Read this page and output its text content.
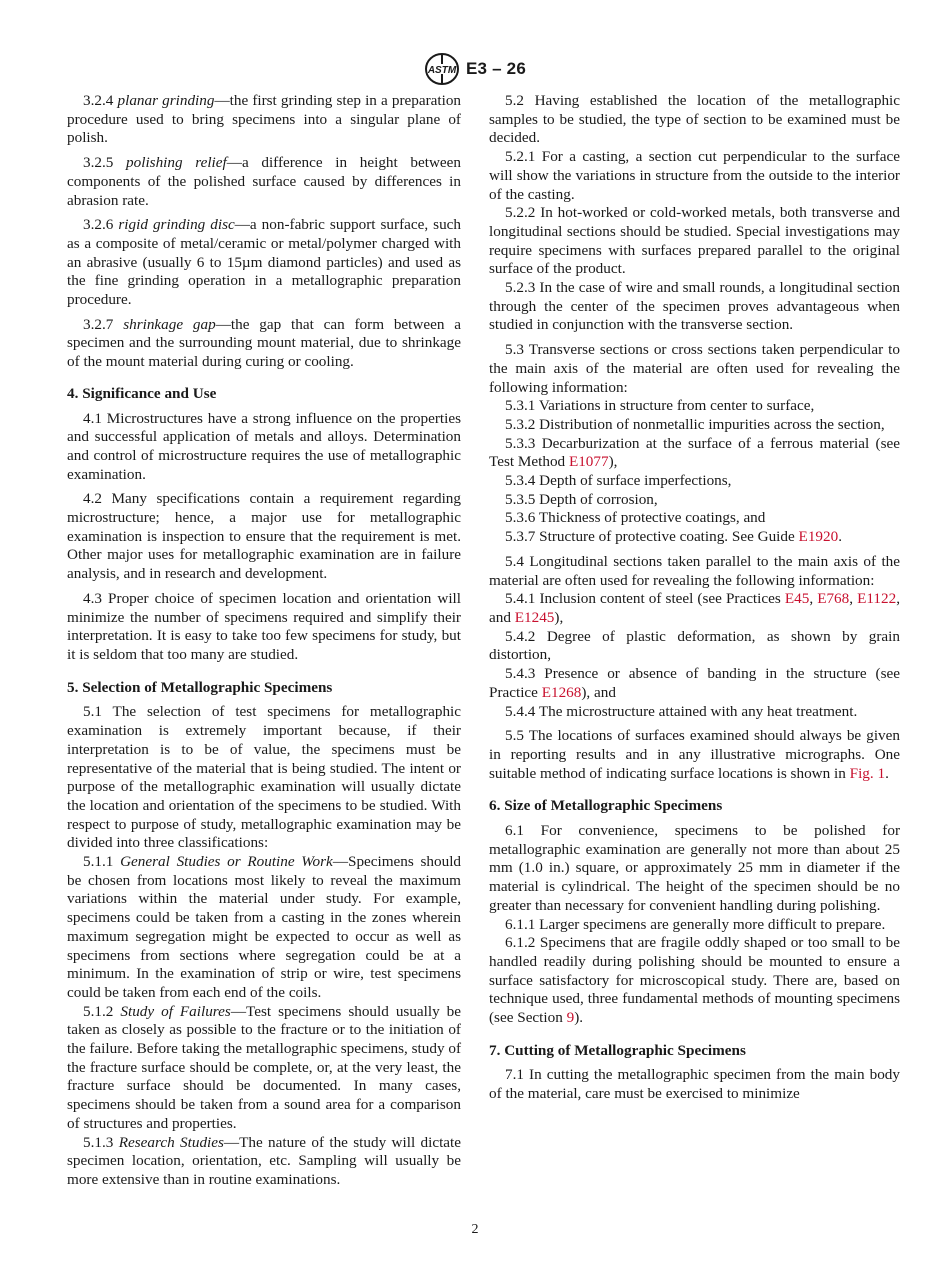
ASTM E3 – 26

3.2.4 planar grinding—the first grinding step in a preparation procedure used to bring specimens into a singular plane of polish.

3.2.5 polishing relief—a difference in height between components of the polished surface caused by differences in abrasion rate.

3.2.6 rigid grinding disc—a non-fabric support surface, such as a composite of metal/ceramic or metal/polymer charged with an abrasive (usually 6 to 15µm diamond particles) and used as the fine grinding operation in a metallographic preparation procedure.

3.2.7 shrinkage gap—the gap that can form between a specimen and the surrounding mount material, due to shrinkage of the mount material during curing or cooling.

4. Significance and Use

4.1 Microstructures have a strong influence on the properties and successful application of metals and alloys. Determination and control of microstructure requires the use of metallographic examination.

4.2 Many specifications contain a requirement regarding microstructure; hence, a major use for metallographic examination is inspection to ensure that the requirement is met. Other major uses for metallographic examination are in failure analysis, and in research and development.

4.3 Proper choice of specimen location and orientation will minimize the number of specimens required and simplify their interpretation. It is easy to take too few specimens for study, but it is seldom that too many are studied.

5. Selection of Metallographic Specimens

5.1 The selection of test specimens for metallographic examination is extremely important because, if their interpretation is to be of value, the specimens must be representative of the material that is being studied. The intent or purpose of the metallographic examination will usually dictate the location and orientation of the specimens to be studied. With respect to purpose of study, metallographic examination may be divided into three classifications:

5.1.1 General Studies or Routine Work—Specimens should be chosen from locations most likely to reveal the maximum variations within the material under study. For example, specimens could be taken from a casting in the zones wherein maximum segregation might be expected to occur as well as specimens from sections where segregation could be at a minimum. In the examination of strip or wire, test specimens could be taken from each end of the coils.

5.1.2 Study of Failures—Test specimens should usually be taken as closely as possible to the fracture or to the initiation of the failure. Before taking the metallographic specimens, study of the fracture surface should be complete, or, at the very least, the fracture surface should be documented. In many cases, specimens should be taken from a sound area for a comparison of structures and properties.

5.1.3 Research Studies—The nature of the study will dictate specimen location, orientation, etc. Sampling will usually be more extensive than in routine examinations.

5.2 Having established the location of the metallographic samples to be studied, the type of section to be examined must be decided.

5.2.1 For a casting, a section cut perpendicular to the surface will show the variations in structure from the outside to the interior of the casting.

5.2.2 In hot-worked or cold-worked metals, both transverse and longitudinal sections should be studied. Special investigations may require specimens with surfaces prepared parallel to the original surface of the product.

5.2.3 In the case of wire and small rounds, a longitudinal section through the center of the specimen proves advantageous when studied in conjunction with the transverse section.

5.3 Transverse sections or cross sections taken perpendicular to the main axis of the material are often used for revealing the following information:

5.3.1 Variations in structure from center to surface,

5.3.2 Distribution of nonmetallic impurities across the section,

5.3.3 Decarburization at the surface of a ferrous material (see Test Method E1077),

5.3.4 Depth of surface imperfections,

5.3.5 Depth of corrosion,

5.3.6 Thickness of protective coatings, and

5.3.7 Structure of protective coating. See Guide E1920.

5.4 Longitudinal sections taken parallel to the main axis of the material are often used for revealing the following information:

5.4.1 Inclusion content of steel (see Practices E45, E768, E1122, and E1245),

5.4.2 Degree of plastic deformation, as shown by grain distortion,

5.4.3 Presence or absence of banding in the structure (see Practice E1268), and

5.4.4 The microstructure attained with any heat treatment.

5.5 The locations of surfaces examined should always be given in reporting results and in any illustrative micrographs. One suitable method of indicating surface locations is shown in Fig. 1.

6. Size of Metallographic Specimens

6.1 For convenience, specimens to be polished for metallographic examination are generally not more than about 25 mm (1.0 in.) square, or approximately 25 mm in diameter if the material is cylindrical. The height of the specimen should be no greater than necessary for convenient handling during polishing.

6.1.1 Larger specimens are generally more difficult to prepare.

6.1.2 Specimens that are fragile oddly shaped or too small to be handled readily during polishing should be mounted to ensure a surface satisfactory for microscopical study. There are, based on technique used, three fundamental methods of mounting specimens (see Section 9).

7. Cutting of Metallographic Specimens

7.1 In cutting the metallographic specimen from the main body of the material, care must be exercised to minimize

2
